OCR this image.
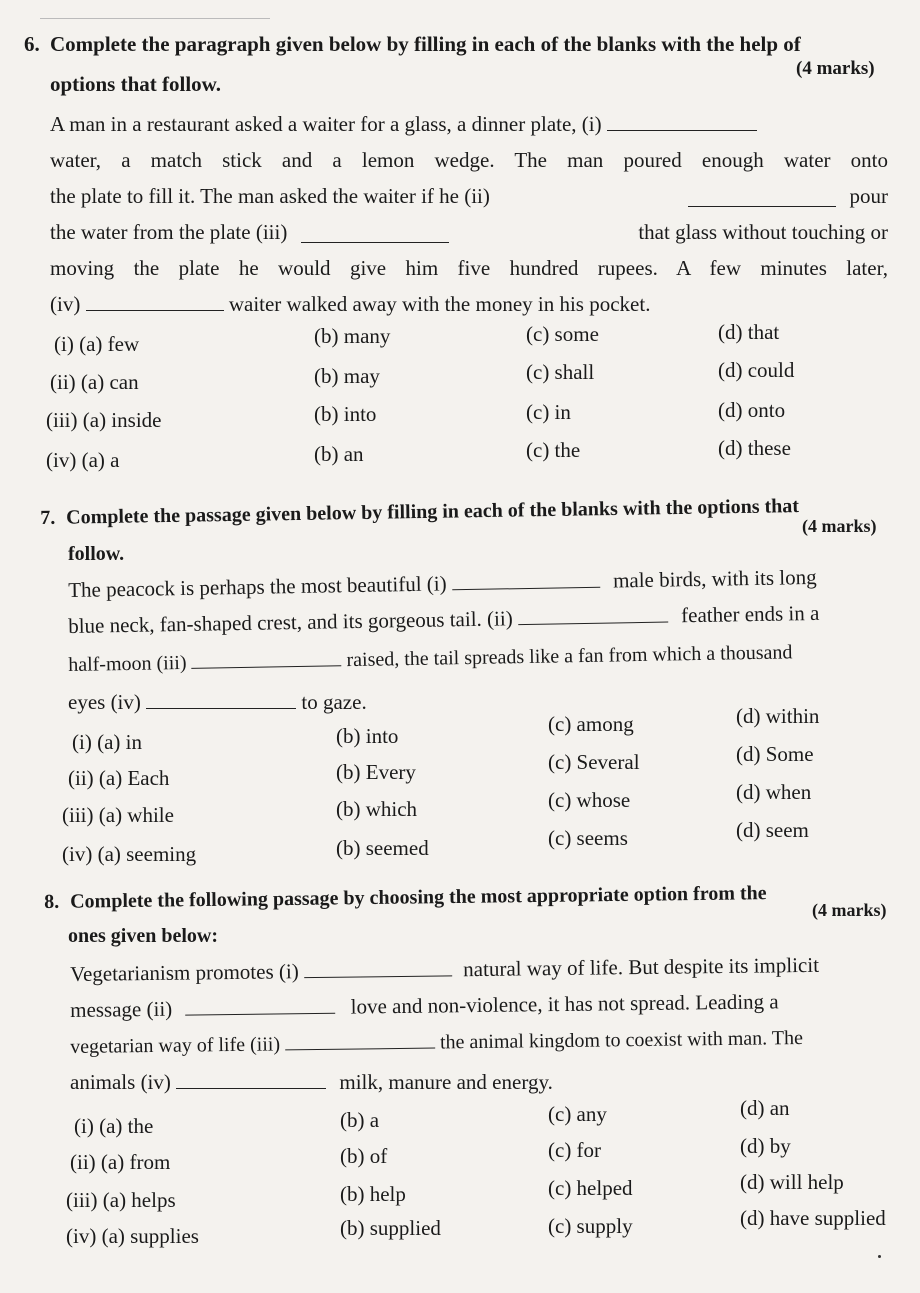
6. Complete the paragraph given below by filling in each of the blanks with the help of
options that follow.
(4 marks)
A man in a restaurant asked a waiter for a glass, a dinner plate, (i)
water, a match stick and a lemon wedge. The man poured enough water onto
the plate to fill it. The man asked the waiter if he (ii)	pour
the water from the plate (iii)	that glass without touching or
moving the plate he would give him five hundred rupees. A few minutes later,
(iv)	waiter walked away with the money in his pocket.
(i) (a) few	(b) many	(c) some	(d) that
(ii) (a) can	(b) may	(c) shall	(d) could
(iii) (a) inside	(b) into	(c) in	(d) onto
(iv) (a) a	(b) an	(c) the	(d) these
7. Complete the passage given below by filling in each of the blanks with the options that
follow.
(4 marks)
The peacock is perhaps the most beautiful (i)	male birds, with its long
blue neck, fan-shaped crest, and its gorgeous tail. (ii)	feather ends in a
half-moon (iii)	raised, the tail spreads like a fan from which a thousand
eyes (iv)	to gaze.
(i) (a) in	(b) into	(c) among	(d) within
(ii) (a) Each	(b) Every	(c) Several	(d) Some
(iii) (a) while	(b) which	(c) whose	(d) when
(iv) (a) seeming	(b) seemed	(c) seems	(d) seem
8. Complete the following passage by choosing the most appropriate option from the
ones given below:
(4 marks)
Vegetarianism promotes (i)	natural way of life. But despite its implicit
message (ii)	love and non-violence, it has not spread. Leading a
vegetarian way of life (iii)	the animal kingdom to coexist with man. The
animals (iv)	milk, manure and energy.
(i) (a) the	(b) a	(c) any	(d) an
(ii) (a) from	(b) of	(c) for	(d) by
(iii) (a) helps	(b) help	(c) helped	(d) will help
(iv) (a) supplies	(b) supplied	(c) supply	(d) have supplied
